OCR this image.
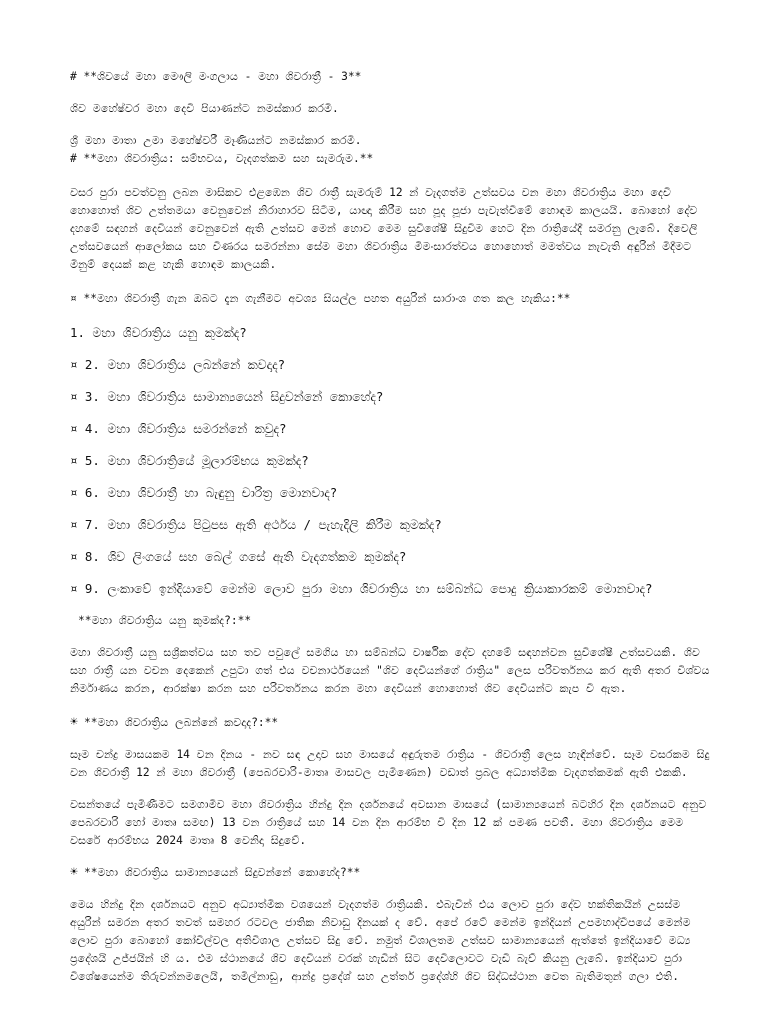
# **ශිවයේ මහා මෞලි මංගලාය - මහා ශිවරාත්‍රී - 3**

ශිව මහේෂ්වර මහා දෙවි පියාණන්ට නමස්කාර කරමි.

ශ්‍රී මහා මාතා උමා මහේෂ්වරී මෑණියන්ට නමස්කාර කරමි.

# **මහා ශිවරාත්‍රිය: සම්භවය, වැදගත්කම සහ සැමරුම.**

වසර පුරා පවත්වනු ලබන මාසිකව එළඹෙන ශිව රාත්‍රී සැමරුම් 12 න් වැදගත්ම උත්සවය වන මහා ශිවරාත්‍රිය මහා දෙවි හොහොත් ශිව උත්තමයා වෙනුවෙන් නිරාහාරව සිටීම, යාඥා කිරීම සහ පූද පූජා පැවැත්වීමේ හොඳම කාලයයි. බොහෝ දේව දහමේ සඳහන් දෙවියන් වෙනුවෙන් ඇති උත්සව මෙන් හොව මෙම සුවිශේෂී සිදුවීම හෙට දින රාත්‍රියේදී සමරනු ලැබේ. දිවෙලි උත්සවයෙන් ආලෝකය සහ විණරය සමරන්නා සේම මහා ශිවරාත්‍රිය මිමංසාරත්වය හොහොත් මමත්වය නැවැති අඳුරින් මිදීමට මිනුම් දෙයක් කළ හැකි හොඳම කාලයකි.

¤ **මහා ශිවරාත්‍රී ගැන ඔබට දැන ගැනීමට අවශ්‍ය සියල්ල පහත අයුරින් සාරාංශ ගත කල හැකිය:**

1. මහා ශිවරාත්‍රිය යනු කුමක්ද?

¤ 2. මහා ශිවරාත්‍රිය ලබන්නේ කවදාද?

¤ 3. මහා ශිවරාත්‍රිය සාමාන්‍යයෙන් සිදුවන්නේ කොහේද?

¤ 4. මහා ශිවරාත්‍රිය සමරන්නේ කවුද?

¤ 5. මහා ශිවරාත්‍රියේ මූලාරම්භය කුමක්ද?

¤ 6. මහා ශිවරාත්‍රී හා බැඳුනු චාරිත්‍ර මොනවාද?

¤ 7. මහා ශිවරාත්‍රිය පිටුපස ඇති අර්ථය / පැහැදිලි කිරීම කුමක්ද?

¤ 8. ශිව ලිංගයේ සහ බෙල් ගසේ ඇති වැදගත්කම කුමක්ද?

¤ 9. ලංකාවේ ඉන්දියාවේ මෙන්ම ලොව පුරා මහා ශිවරාත්‍රිය හා සම්බන්ධ පොදු ක්‍රියාකාරකම් මොනවාද?

**මහා ශිවරාත්‍රිය යනු කුමක්ද?:**

මහා ශිවරාත්‍රී යනු සශ්‍රීකත්වය සහ තව පවුලේ සමගිය හා සම්බන්ධ වාර්ෂික දේව දහමේ සඳහන්වන සුවිශේෂී උත්සවයකි. ශිව සහ රාත්‍රී යන වචන දෙකෙන් උපුටා ගත් එය වචනාර්ථයෙන් "ශිව දෙවියන්ගේ රාත්‍රිය" ලෙස පරිවර්තනය කර ඇති අතර විශ්වය නිර්මාණය කරන, ආරක්ෂා කරන සහ පරිවර්තනය කරන මහා දෙවියන් හොහොත් ශිව දෙවියන්ට කැප වී ඇත.

☀ **මහා ශිවරාත්‍රිය ලබන්නේ කවදාද?:**

සෑම චන්ද්‍ර මාසයකම 14 වන දිනය - නව සඳ උදාව සහ මාසයේ අඳුරුතම රාත්‍රිය - ශිවරාත්‍රී ලෙස හැඳින්වේ. සෑම වසරකම සිදු වන ශිවරාත්‍රී 12 න් මහා ශිවරාත්‍රී (පෙබරවාරි-මාතෘ මාසවල පැමිණෙන) වඩාත් ප්‍රබල අධ්‍යාත්මික වැදගත්කමක් ඇති එකකි.

වසන්තයේ පැමිණීමට සමගාමීව මහා ශිවරාත්‍රිය හින්දු දින දර්ශනයේ අවසාන මාසයේ (සාමාන්‍යයෙන් බටහිර දින දර්ශනයට අනුව පෙබරවාරි හෝ මාතෘ සමඟ) 13 වන රාත්‍රියේ සහ 14 වන දින ආරම්භ වී දින 12 ක් පමණ පවතී. මහා ශිවරාත්‍රිය මෙම වසරේ ආරම්භය 2024 මාතෘ 8 වෙනිදා සිදුවේ.

☀ **මහා ශිවරාත්‍රිය සාමාන්‍යයෙන් සිදුවන්නේ කොහේද?**

මෙය හින්දු දින දර්ශනයට අනුව අධ්‍යාත්මික වශයෙන් වැදගත්ම රාත්‍රියකි. එබැවින් එය ලොව පුරා දේව භක්තිකයින් උසස්ම අයුරින් සමරන අතර තවත් සමහර රටවල ජාතික නිවාඩු දිනයක් ද වේ. අපේ රටේ මෙන්ම ඉන්දියන් උපමහාද්වීපයේ මෙන්ම ලොව පුරා බොහෝ කෝවිල්වල අතිවිශාල උත්සව සිදු වේ. නමුත් විශාලතම උත්සව සාමාන්‍යයෙන් ඇත්තේ ඉන්දියාවේ මධ්‍ය ප්‍රදේශයි උජ්ජයින් හි ය. එම ස්ථානයේ ශිව දෙවියන් වරක් හැඩින් සිට දෙවිලොවට වැඩි බැව් කියනු ලැබේ. ඉන්දියාව පුරා විශේෂයෙන්ම තිරුවන්නමලෙයි, තමිල්නාඩු, ආන්ද්‍ර ප්‍රදේශ් සහ උත්තර් ප්‍රදේශ්හි ශිව සිද්ධස්ථාන වෙත බැතිමතුන් ගලා එති.
